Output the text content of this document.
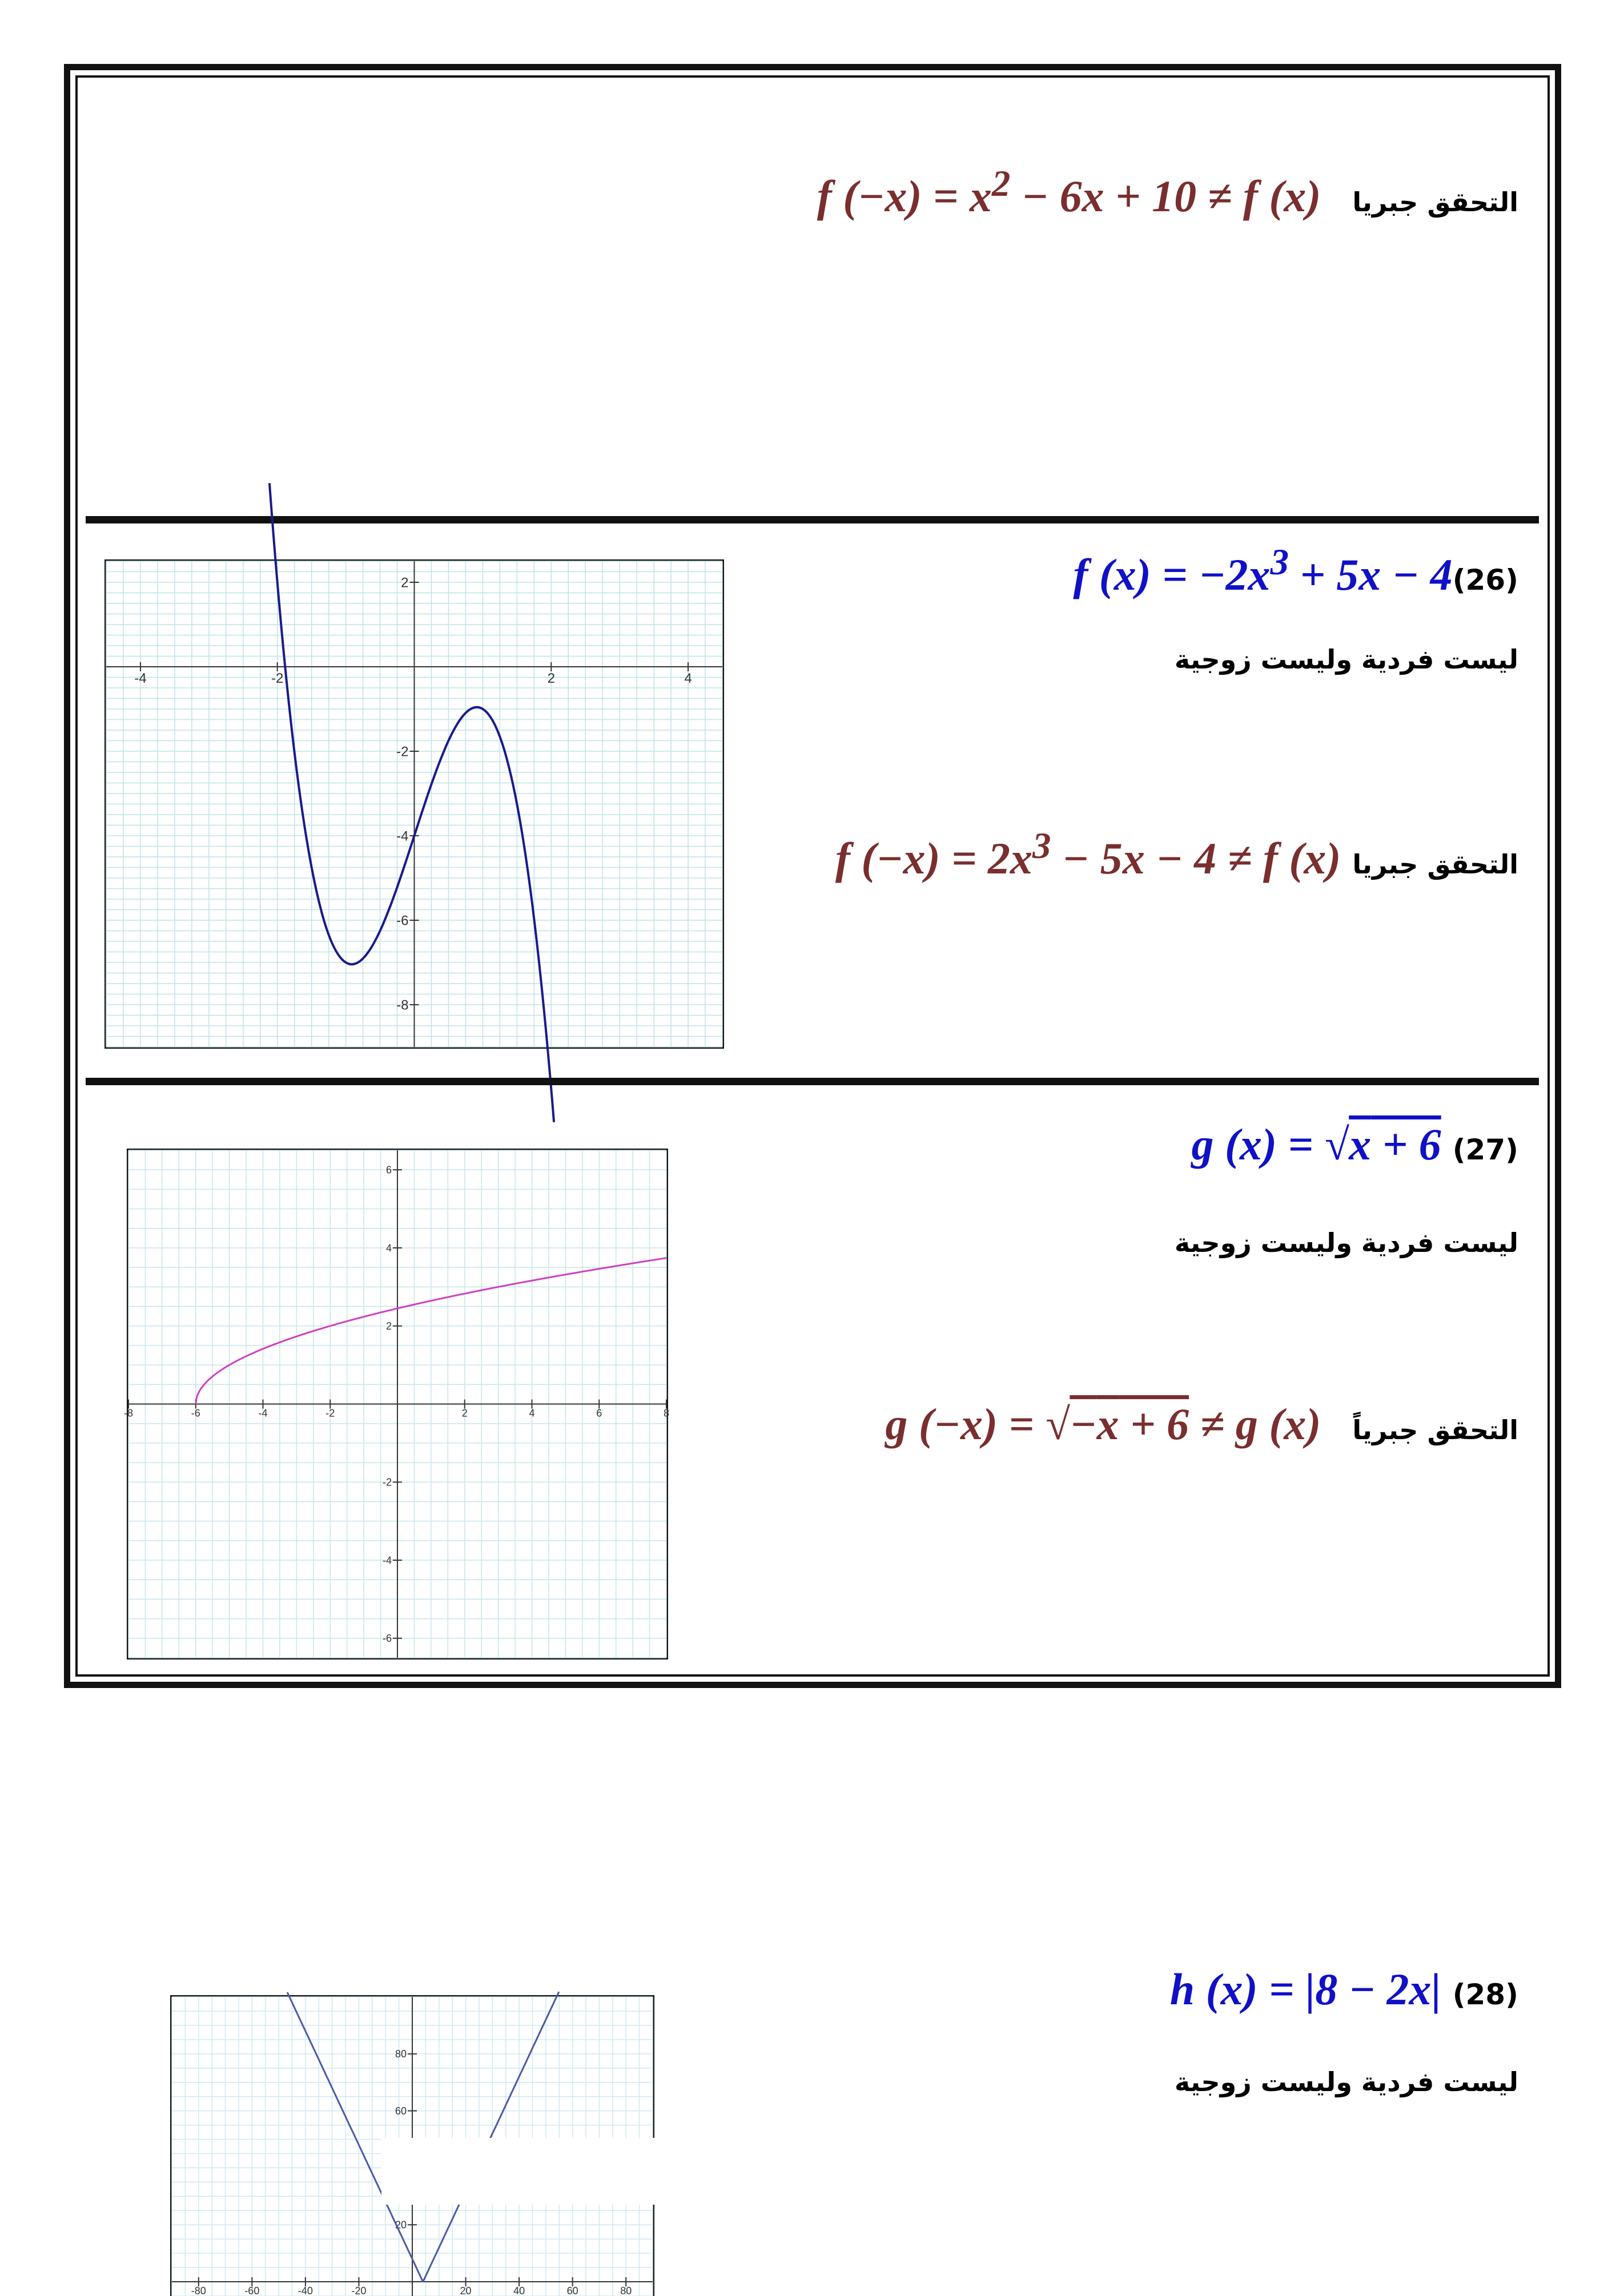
التحقق جبريا
f $(-x) = x^2 - 6x + 10 \ne f$ (x)
(26)
f $(x) = -2x^3 + 5x - 4$
ليست فردية وليست زوجية
التحقق جبريا
f $(-x) = 2x^3 - 5x - 4 \ne f$ (x)
-4	-2	2	4
2
-2
-4
-6
-8
(27)
g (x) = √x + 6
ليست فردية وليست زوجية
التحقق جبرياً
g (−x) = √−x + 6 ≠ g (x)
-8	-6	-4	-2	2	4	6	8
6
4
2
-2
-4
-6
(28)
h (x) = |8 − 2x|
ليست فردية وليست زوجية
-80	-60	-40	-20	20	40	60	80
80
60
20
